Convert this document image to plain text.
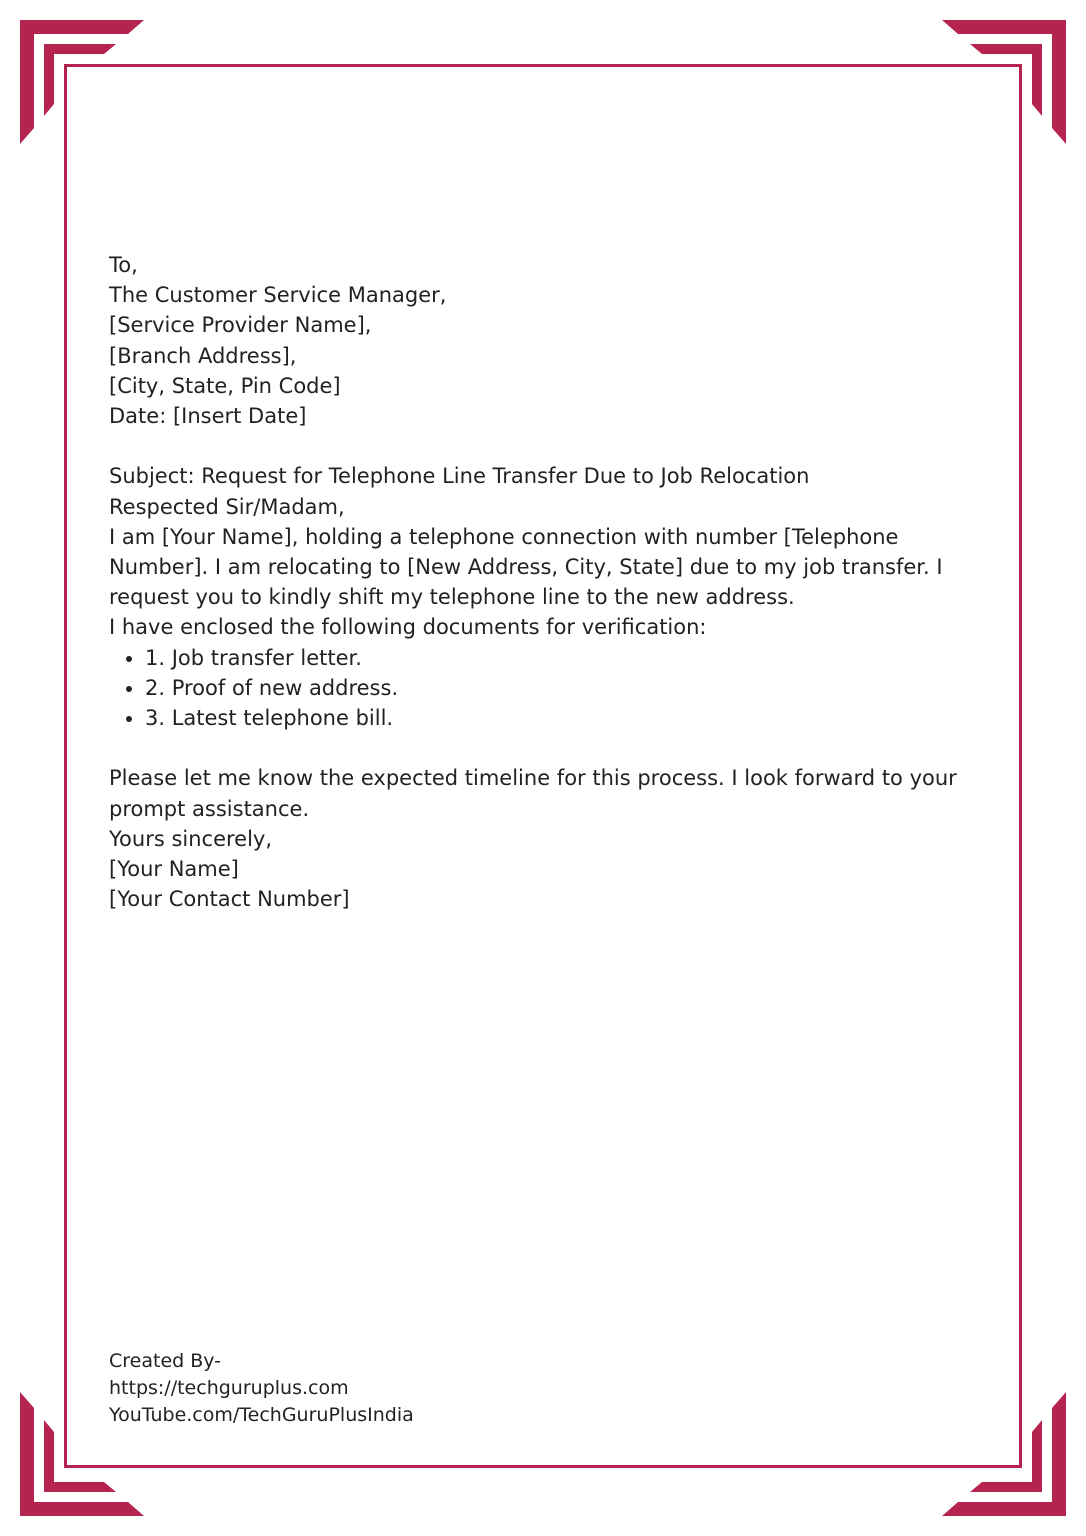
To,

The Customer Service Manager,

[Service Provider Name],

[Branch Address],

[City, State, Pin Code]

Date: [Insert Date]

Subject: Request for Telephone Line Transfer Due to Job Relocation

Respected Sir/Madam,

I am [Your Name], holding a telephone connection with number [Telephone Number]. I am relocating to [New Address, City, State] due to my job transfer. I request you to kindly shift my telephone line to the new address.

I have enclosed the following documents for verification:

• 1. Job transfer letter.
• 2. Proof of new address.
• 3. Latest telephone bill.

Please let me know the expected timeline for this process. I look forward to your prompt assistance.

Yours sincerely,

[Your Name]

[Your Contact Number]

Created By-

https://techguruplus.com

YouTube.com/TechGuruPlusIndia
